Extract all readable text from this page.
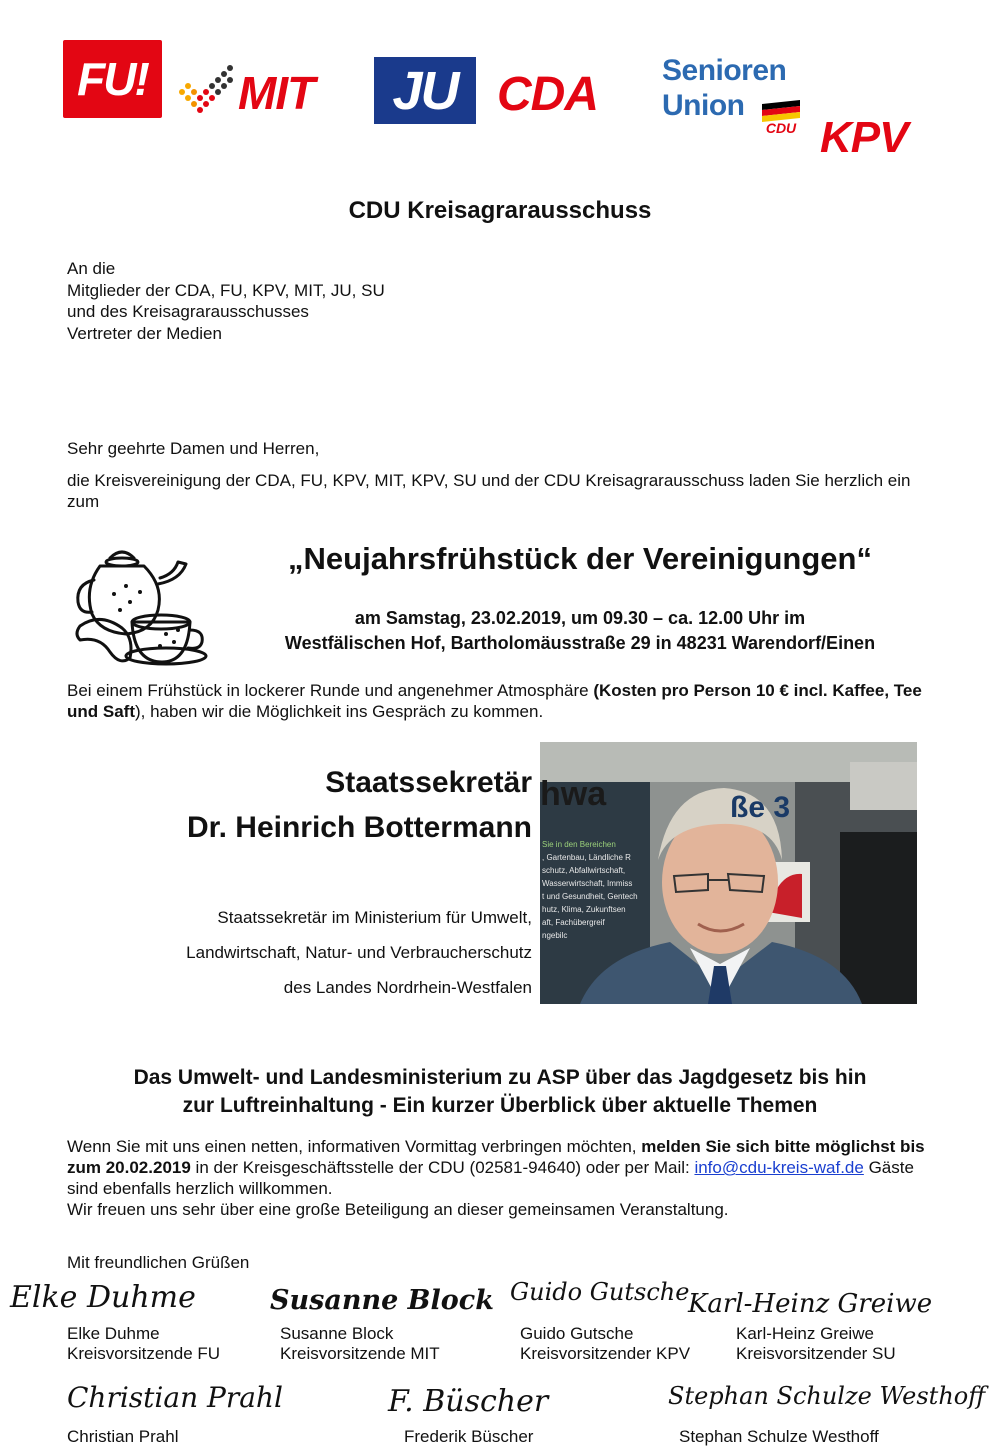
FU! MIT JU CDA Senioren
Union
CDU KPV
CDU Kreisagrarausschuss
An die
Mitglieder der CDA, FU, KPV, MIT, JU, SU
und des Kreisagrarausschusses
Vertreter der Medien
Sehr geehrte Damen und Herren,
die Kreisvereinigung der CDA, FU, KPV, MIT, KPV, SU und der CDU Kreisagrarausschuss laden Sie herzlich ein zum
„Neujahrsfrühstück der Vereinigungen“
am Samstag, 23.02.2019, um 09.30 – ca. 12.00 Uhr im
Westfälischen Hof, Bartholomäusstraße 29 in 48231 Warendorf/Einen
Bei einem Frühstück in lockerer Runde und angenehmer Atmosphäre (Kosten pro Person 10 € incl. Kaffee, Tee und Saft), haben wir die Möglichkeit ins Gespräch zu kommen.
Staatssekretär
Dr. Heinrich Bottermann
Staatssekretär im Ministerium für Umwelt,
Landwirtschaft, Natur- und Verbraucherschutz
des Landes Nordrhein-Westfalen
hwa	ße 3
Sie in den Bereichen
, Gartenbau, Ländliche R
schutz, Abfallwirtschaft,
Wasserwirtschaft, Immiss
t und Gesundheit, Gentech
hutz, Klima, Zukunftsen
aft, Fachübergreif
ngebilc
Das Umwelt- und Landesministerium zu ASP über das Jagdgesetz bis hin
zur Luftreinhaltung - Ein kurzer Überblick über aktuelle Themen
Wenn Sie mit uns einen netten, informativen Vormittag verbringen möchten, melden Sie sich bitte möglichst bis zum 20.02.2019 in der Kreisgeschäftsstelle der CDU (02581-94640) oder per Mail: info@cdu-kreis-waf.de Gäste sind ebenfalls herzlich willkommen.
Wir freuen uns sehr über eine große Beteiligung an dieser gemeinsamen Veranstaltung.
Mit freundlichen Grüßen
Elke Duhme
Elke Duhme
Kreisvorsitzende FU
Susanne Block
Susanne Block
Kreisvorsitzende MIT
Guido Gutsche
Guido Gutsche
Kreisvorsitzender KPV
Karl-Heinz Greiwe
Karl-Heinz Greiwe
Kreisvorsitzender SU
Christian Prahl
Christian Prahl
F. Büscher
Frederik Büscher
Stephan Schulze Westhoff
Stephan Schulze Westhoff
